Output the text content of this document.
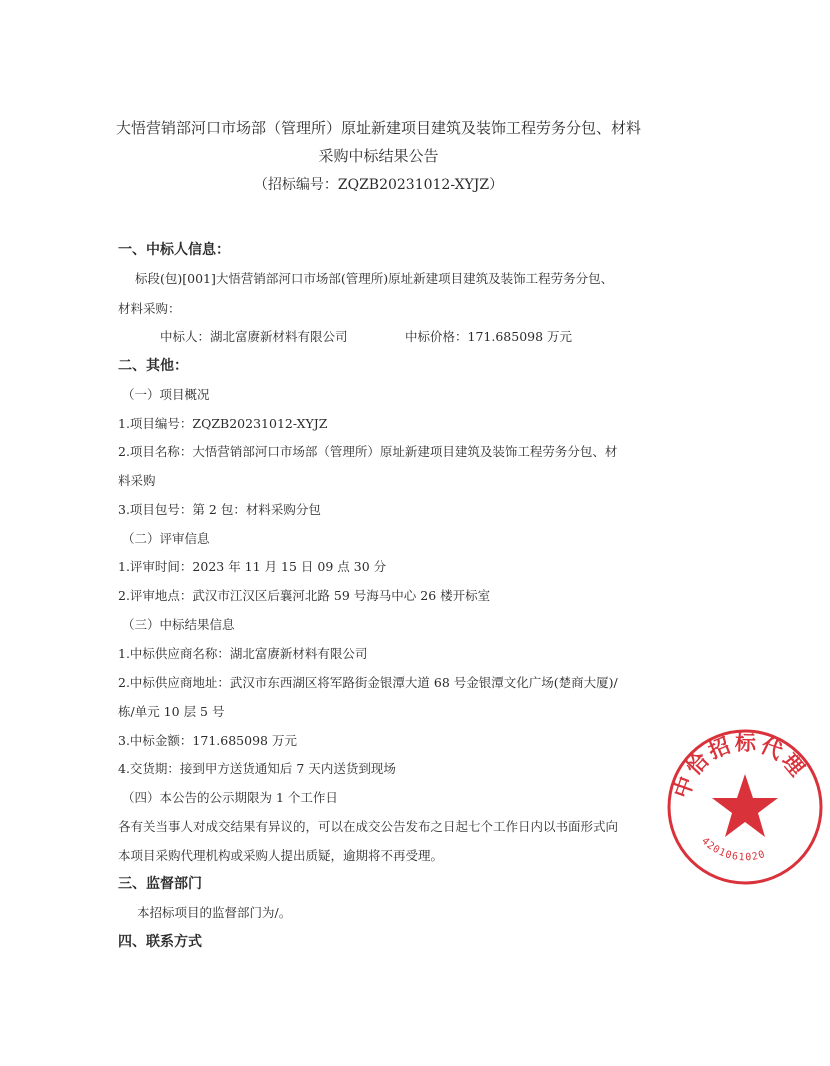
大悟营销部河口市场部（管理所）原址新建项目建筑及装饰工程劳务分包、材料
采购中标结果公告
（招标编号：ZQZB20231012-XYJZ）
一、中标人信息：
标段(包)[001]大悟营销部河口市场部(管理所)原址新建项目建筑及装饰工程劳务分包、
材料采购：
中标人：湖北富赓新材料有限公司	中标价格：171.685098 万元
二、其他：
（一）项目概况
1.项目编号：ZQZB20231012-XYJZ
2.项目名称：大悟营销部河口市场部（管理所）原址新建项目建筑及装饰工程劳务分包、材
料采购
3.项目包号：第 2 包：材料采购分包
（二）评审信息
1.评审时间：2023 年 11 月 15 日 09 点 30 分
2.评审地点：武汉市江汉区后襄河北路 59 号海马中心 26 楼开标室
（三）中标结果信息
1.中标供应商名称：湖北富赓新材料有限公司
2.中标供应商地址：武汉市东西湖区将军路街金银潭大道 68 号金银潭文化广场(楚商大厦)/
栋/单元 10 层 5 号
3.中标金额：171.685098 万元
4.交货期：接到甲方送货通知后 7 天内送货到现场
（四）本公告的公示期限为 1 个工作日
各有关当事人对成交结果有异议的，可以在成交公告发布之日起七个工作日内以书面形式向
本项目采购代理机构或采购人提出质疑，逾期将不再受理。
三、监督部门
本招标项目的监督部门为/。
四、联系方式
中恰招标代理
4201061020
